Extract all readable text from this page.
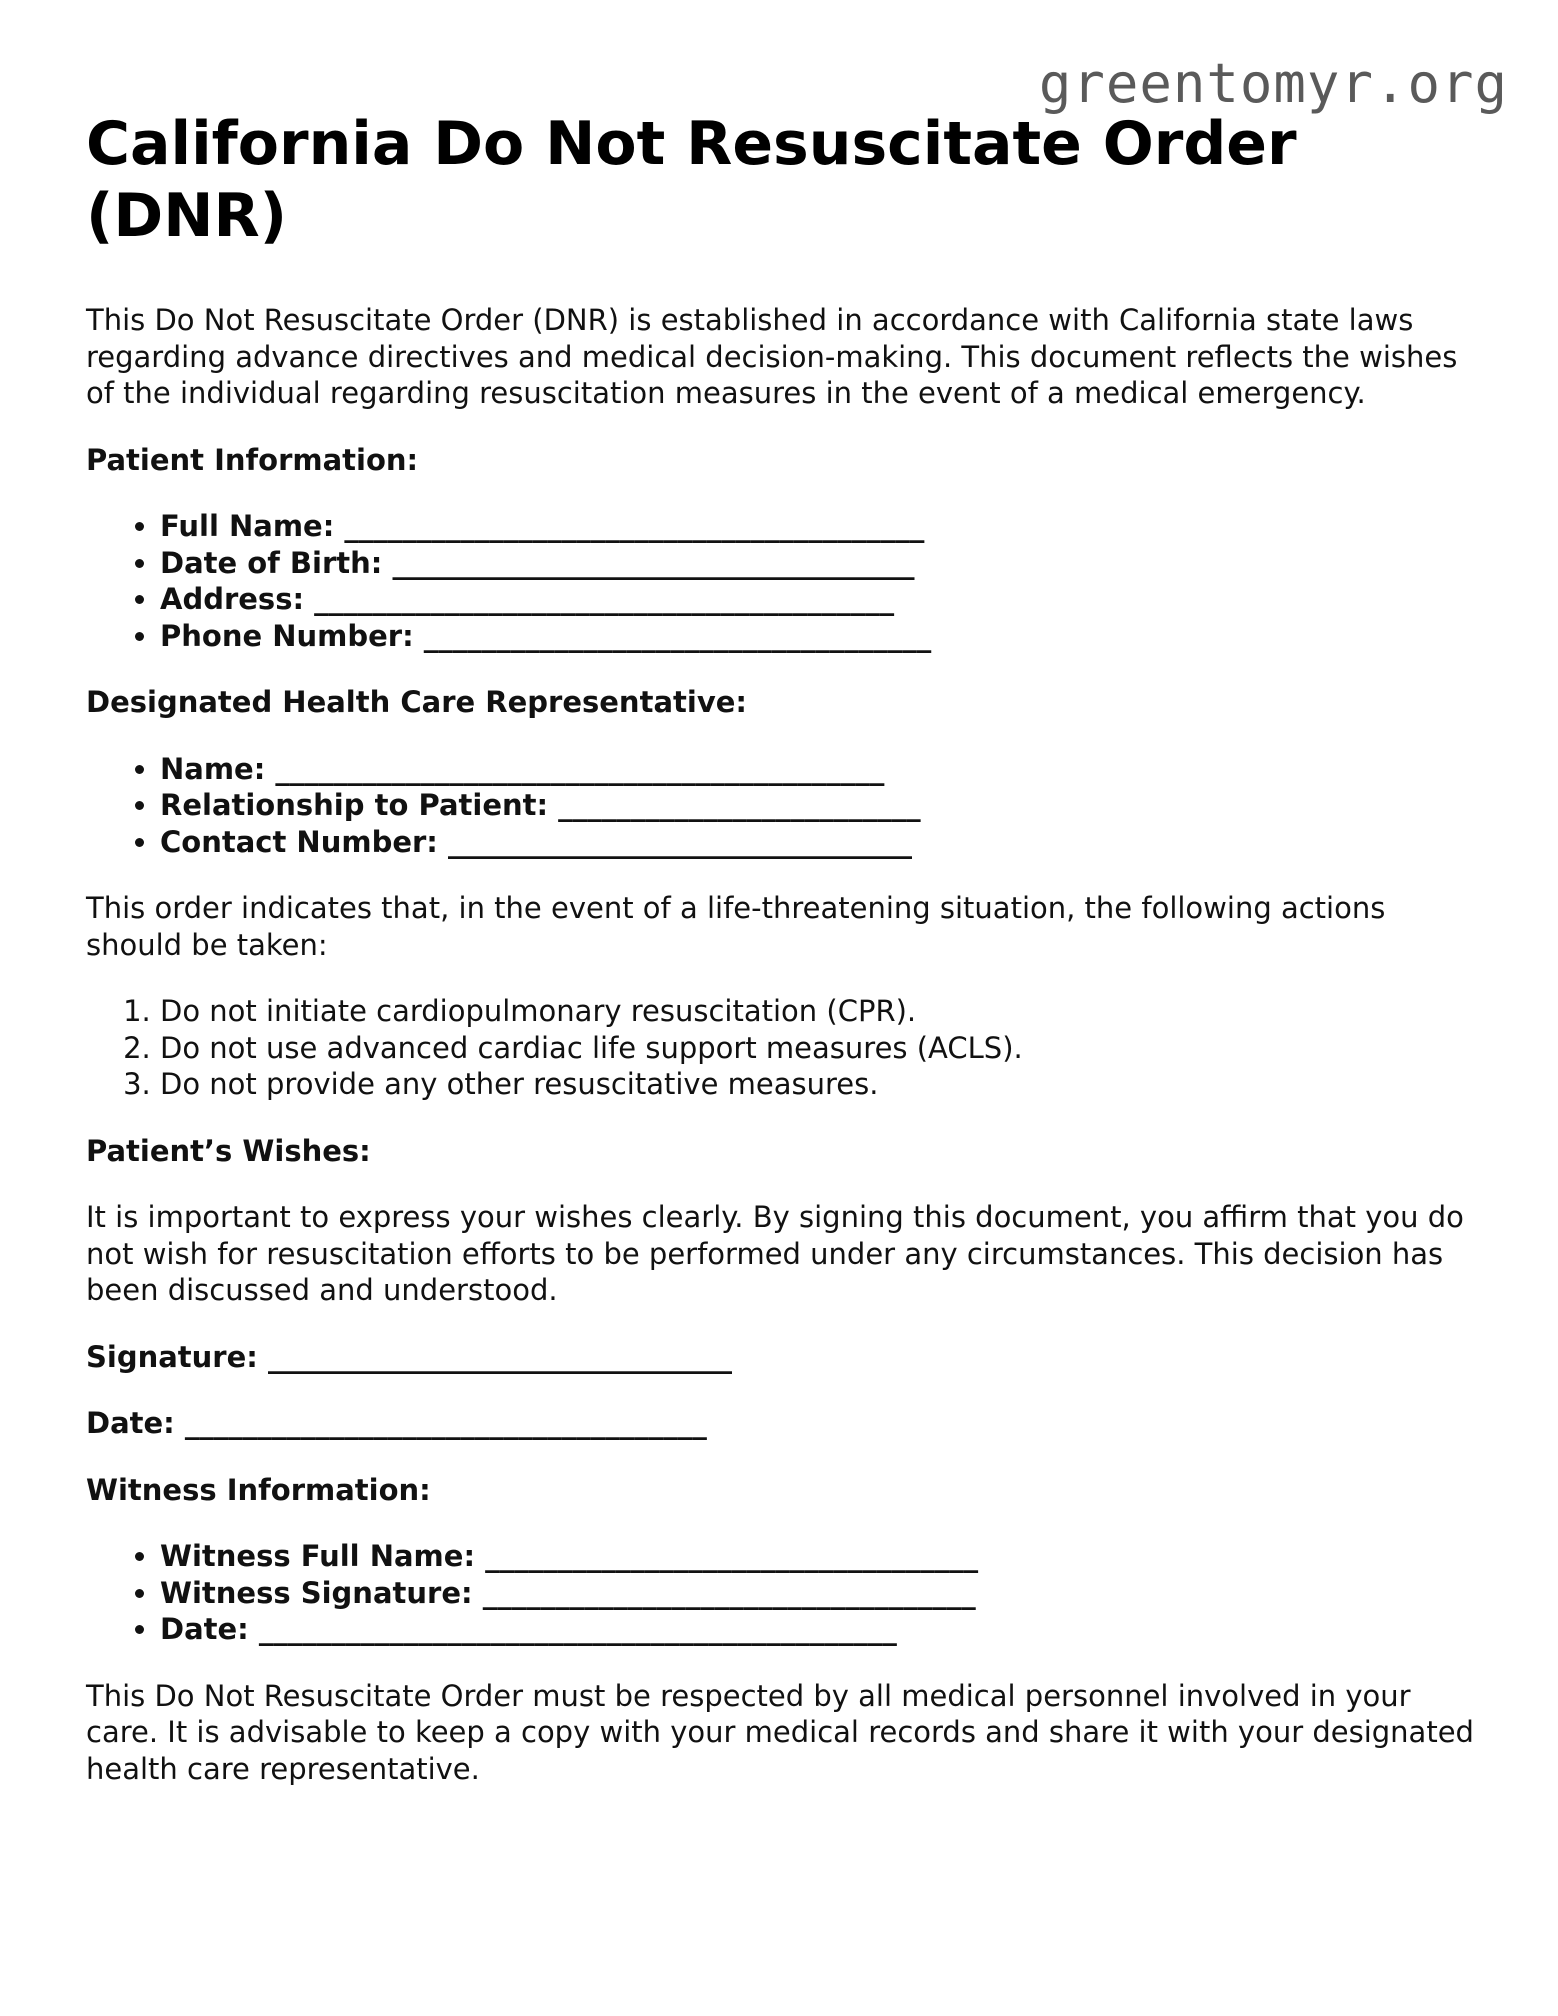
greentomyr.org
California Do Not Resuscitate Order (DNR)

This Do Not Resuscitate Order (DNR) is established in accordance with California state laws regarding advance directives and medical decision-making. This document reflects the wishes of the individual regarding resuscitation measures in the event of a medical emergency.

Patient Information:
• Full Name: ________________________________________
• Date of Birth: ____________________________________
• Address: ________________________________________
• Phone Number: ___________________________________
Designated Health Care Representative:
• Name: __________________________________________
• Relationship to Patient: _________________________
• Contact Number: ________________________________

This order indicates that, in the event of a life-threatening situation, the following actions should be taken:

1. Do not initiate cardiopulmonary resuscitation (CPR).
2. Do not use advanced cardiac life support measures (ACLS).
3. Do not provide any other resuscitative measures.
Patient’s Wishes:

It is important to express your wishes clearly. By signing this document, you affirm that you do not wish for resuscitation efforts to be performed under any circumstances. This decision has been discussed and understood.

Signature: ________________________________
Date: ____________________________________
Witness Information:
• Witness Full Name: __________________________________
• Witness Signature: __________________________________
• Date: ____________________________________________

This Do Not Resuscitate Order must be respected by all medical personnel involved in your care. It is advisable to keep a copy with your medical records and share it with your designated health care representative.
